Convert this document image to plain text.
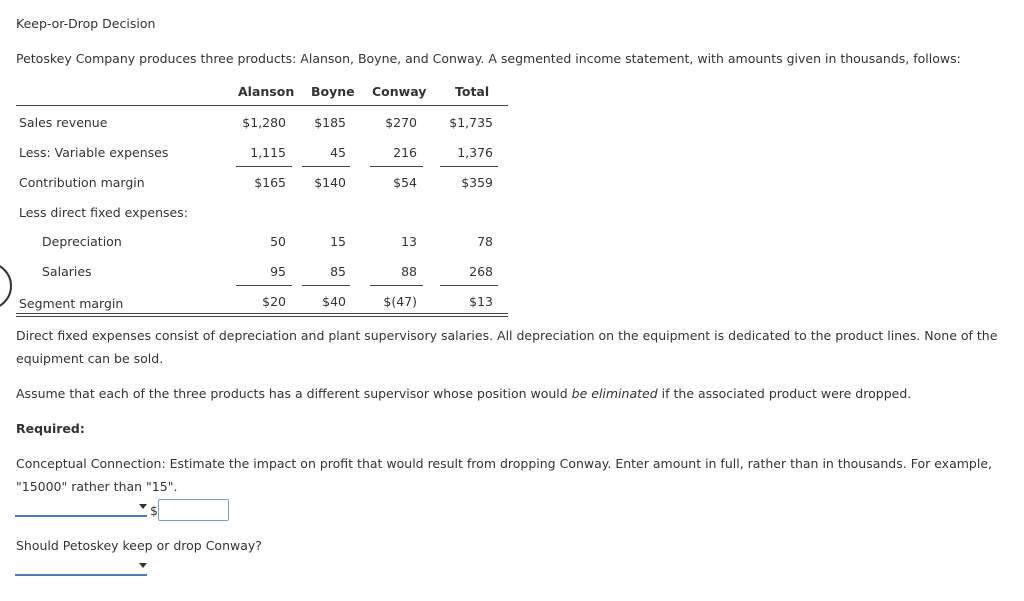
Keep-or-Drop Decision
Petoskey Company produces three products: Alanson, Boyne, and Conway. A segmented income statement, with amounts given in thousands, follows:
Alanson Boyne Conway Total
Sales revenue	$1,280	$185	$270	$1,735
Less: Variable expenses	1,115	45	216	1,376
Contribution margin	$165	$140	$54	$359
Less direct fixed expenses:
Depreciation	50	15	13	78
Salaries	95	85	88	268
Segment margin	$20	$40	$(47)	$13
Direct fixed expenses consist of depreciation and plant supervisory salaries. All depreciation on the equipment is dedicated to the product lines. None of the equipment can be sold.
Assume that each of the three products has a different supervisor whose position would be eliminated if the associated product were dropped.
Required:
Conceptual Connection: Estimate the impact on profit that would result from dropping Conway. Enter amount in full, rather than in thousands. For example, "15000" rather than "15".
$
Should Petoskey keep or drop Conway?
